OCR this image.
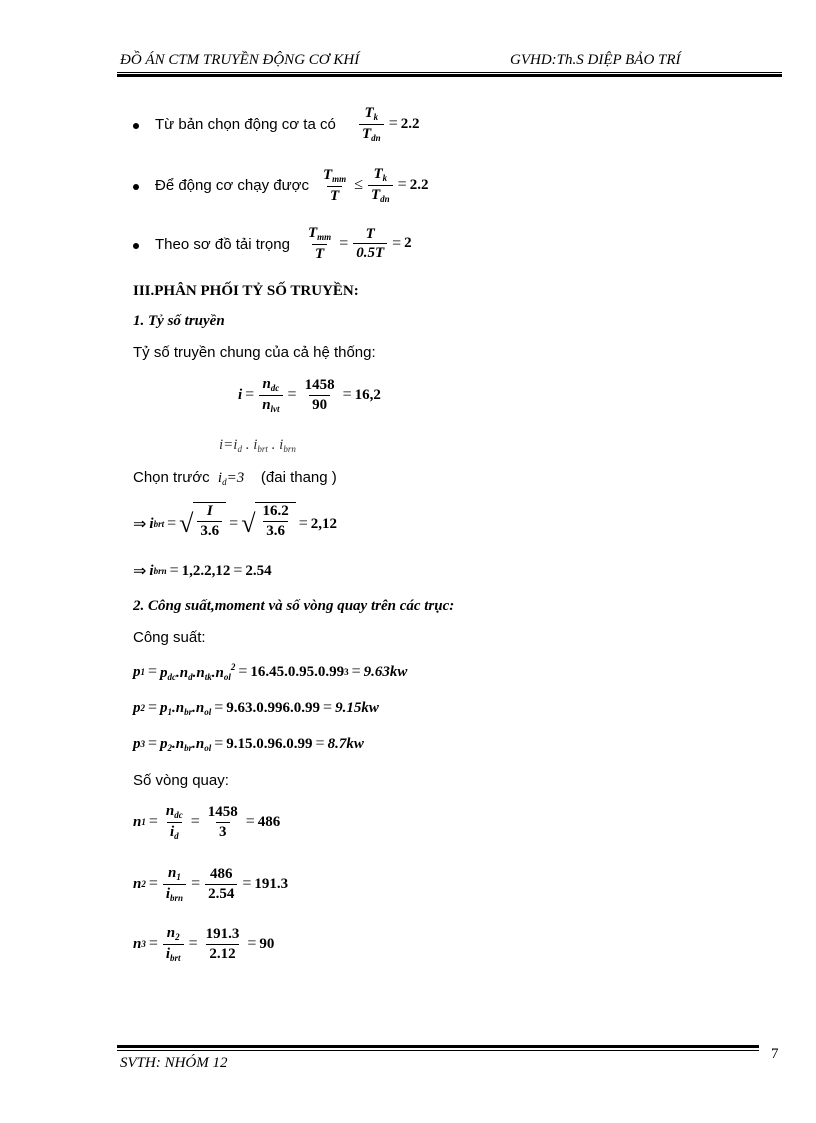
ĐỒ ÁN CTM TRUYỀN ĐỘNG CƠ KHÍ	GVHD:Th.S DIỆP BẢO TRÍ
Từ bản chọn động cơ ta có $\frac{T_k}{T_{dn}} = 2.2$
Để động cơ chạy được $\frac{T_{mm}}{T} \le \frac{T_k}{T_{dn}} = 2.2$
Theo sơ đồ tải trọng $\frac{T_{mm}}{T} = \frac{T}{0.5T} = 2$
III.PHÂN PHỐI TỶ SỐ TRUYỀN:
1. Tỷ số truyền
Tỷ số truyền chung của cả hệ thống:
$i = \frac{n_{dc}}{n_{lvt}} = \frac{1458}{90} = 16,2$
$i=i_d$ . $i_{brt}$ . $i_{brn}$
Chọn trước $i_d=3$ (đai thang )
⇒ i brt = √ $\frac{I}{3.6}$ = √ $\frac{16.2}{3.6} = 2,12$
⇒ i brn = 1,2.2,12 = 2.54
2. Công suất,moment và số vòng quay trên các trục:
Công suất:
p $1 = p_{dc}.n_d.n_{tk}.n_{ol}^2 = 16.45.0.95.0.99$ 3 = 9.63kw
p $2 = p_1.n_{br}.n_{ol} = 9.63.0.996.0.99 = 9.15kw$
p $3 = p_2.n_{br}.n_{ol} = 9.15.0.96.0.99 = 8.7kw$
Số vòng quay:
n $1 = \frac{n_{dc}}{i_d} = \frac{1458}{3} = 486$
n $2 = \frac{n_1}{i_{brn}} = \frac{486}{2.54} = 191.3$
n $3 = \frac{n_2}{i_{brt}} = \frac{191.3}{2.12} = 90$
SVTH: NHÓM 12
7
